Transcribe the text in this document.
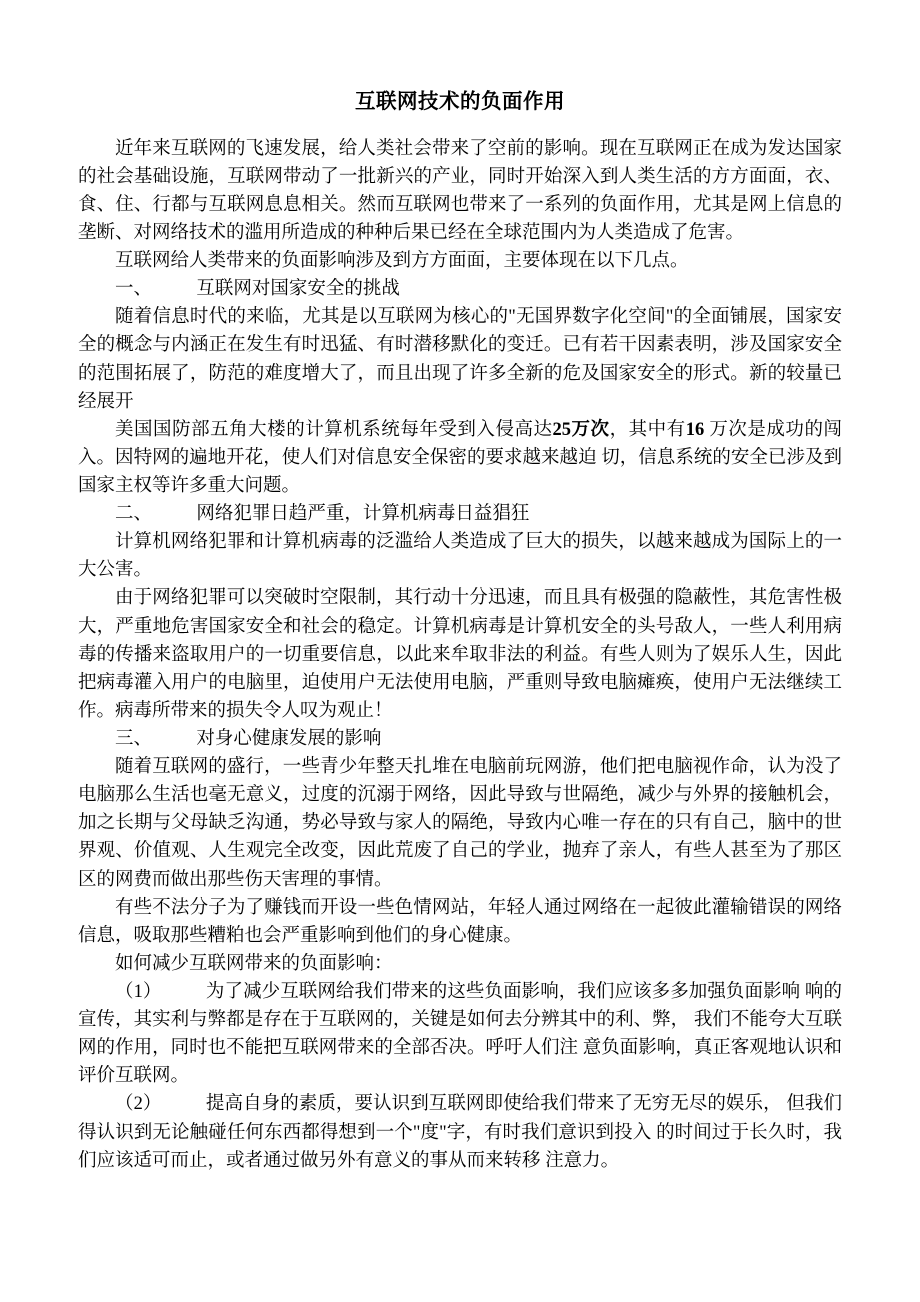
互联网技术的负面作用

近年来互联网的飞速发展，给人类社会带来了空前的影响。现在互联网正在成为发达国家的社会基础设施，互联网带动了一批新兴的产业，同时开始深入到人类生活的方方面面，衣、食、住、行都与互联网息息相关。然而互联网也带来了一系列的负面作用，尤其是网上信息的垄断、对网络技术的滥用所造成的种种后果已经在全球范围内为人类造成了危害。

互联网给人类带来的负面影响涉及到方方面面，主要体现在以下几点。

一、 互联网对国家安全的挑战

随着信息时代的来临，尤其是以互联网为核心的"无国界数字化空间"的全面铺展，国家安全的概念与内涵正在发生有时迅猛、有时潜移默化的变迁。已有若干因素表明，涉及国家安全的范围拓展了，防范的难度增大了，而且出现了许多全新的危及国家安全的形式。新的较量已经展开

美国国防部五角大楼的计算机系统每年受到入侵高达25万次，其中有16 万次是成功的闯入。因特网的遍地开花，使人们对信息安全保密的要求越来越迫 切，信息系统的安全已涉及到国家主权等许多重大问题。

二、 网络犯罪日趋严重，计算机病毒日益猖狂

计算机网络犯罪和计算机病毒的泛滥给人类造成了巨大的损失，以越来越成为国际上的一大公害。

由于网络犯罪可以突破时空限制，其行动十分迅速，而且具有极强的隐蔽性，其危害性极大，严重地危害国家安全和社会的稳定。计算机病毒是计算机安全的头号敌人，一些人利用病毒的传播来盗取用户的一切重要信息，以此来牟取非法的利益。有些人则为了娱乐人生，因此把病毒灌入用户的电脑里，迫使用户无法使用电脑，严重则导致电脑瘫痪，使用户无法继续工作。病毒所带来的损失令人叹为观止！

三、 对身心健康发展的影响

随着互联网的盛行，一些青少年整天扎堆在电脑前玩网游，他们把电脑视作命，认为没了电脑那么生活也毫无意义，过度的沉溺于网络，因此导致与世隔绝，减少与外界的接触机会，加之长期与父母缺乏沟通，势必导致与家人的隔绝，导致内心唯一存在的只有自己，脑中的世界观、价值观、人生观完全改变，因此荒废了自己的学业，抛弃了亲人，有些人甚至为了那区区的网费而做出那些伤天害理的事情。

有些不法分子为了赚钱而开设一些色情网站，年轻人通过网络在一起彼此灌输错误的网络信息，吸取那些糟粕也会严重影响到他们的身心健康。

如何减少互联网带来的负面影响：

（1） 为了减少互联网给我们带来的这些负面影响，我们应该多多加强负面影响 响的宣传，其实利与弊都是存在于互联网的，关键是如何去分辨其中的利、弊， 我们不能夸大互联网的作用，同时也不能把互联网带来的全部否决。呼吁人们注 意负面影响，真正客观地认识和评价互联网。

（2） 提高自身的素质，要认识到互联网即使给我们带来了无穷无尽的娱乐， 但我们得认识到无论触碰任何东西都得想到一个"度"字，有时我们意识到投入 的时间过于长久时，我们应该适可而止，或者通过做另外有意义的事从而来转移 注意力。
